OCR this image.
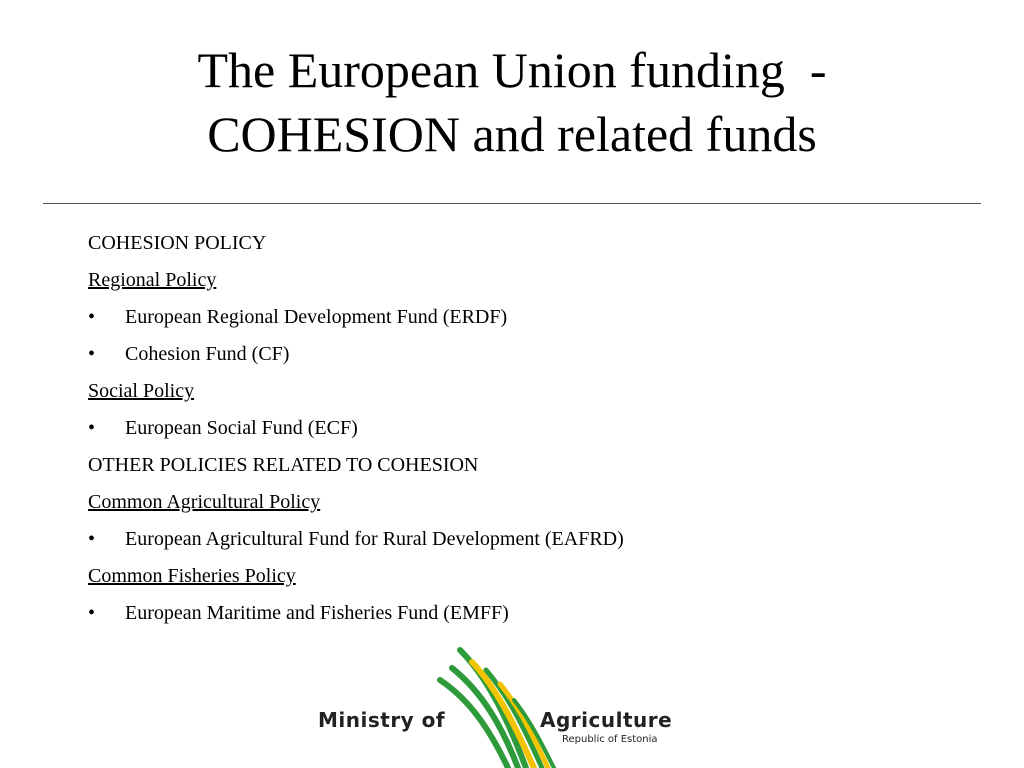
The European Union funding  -
COHESION and related funds
COHESION POLICY
Regional Policy
• European Regional Development Fund (ERDF)
• Cohesion Fund (CF)
Social Policy
• European Social Fund (ECF)
OTHER POLICIES RELATED TO COHESION
Common Agricultural Policy
• European Agricultural Fund for Rural Development (EAFRD)
Common Fisheries Policy
• European Maritime and Fisheries Fund (EMFF)
Ministry of	Agriculture
Republic of Estonia
